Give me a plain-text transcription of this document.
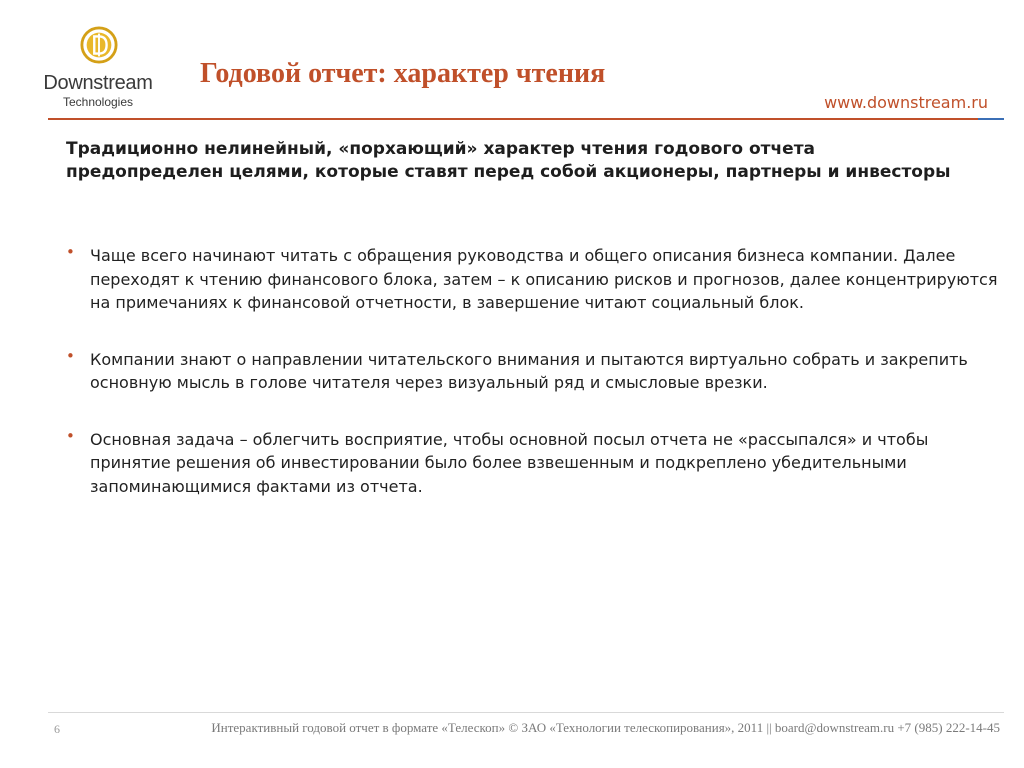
Downstream
Technologies
Годовой отчет: характер чтения
www.downstream.ru
Традиционно нелинейный, «порхающий» характер чтения годового отчета предопределен целями, которые ставят перед собой акционеры, партнеры и инвесторы
• Чаще всего начинают читать с обращения руководства и общего описания бизнеса компании. Далее переходят к чтению финансового блока, затем – к описанию рисков и прогнозов, далее концентрируются на примечаниях к финансовой отчетности, в завершение читают социальный блок.
• Компании знают о направлении читательского внимания и пытаются виртуально собрать и закрепить основную мысль в голове читателя через визуальный ряд и смысловые врезки.
• Основная задача – облегчить восприятие, чтобы основной посыл отчета не «рассыпался» и чтобы принятие решения об инвестировании было более взвешенным и подкреплено убедительными запоминающимися фактами из отчета.
6	Интерактивный годовой отчет в формате «Телескоп» © ЗАО «Технологии телескопирования», 2011 || board@downstream.ru +7 (985) 222-14-45
